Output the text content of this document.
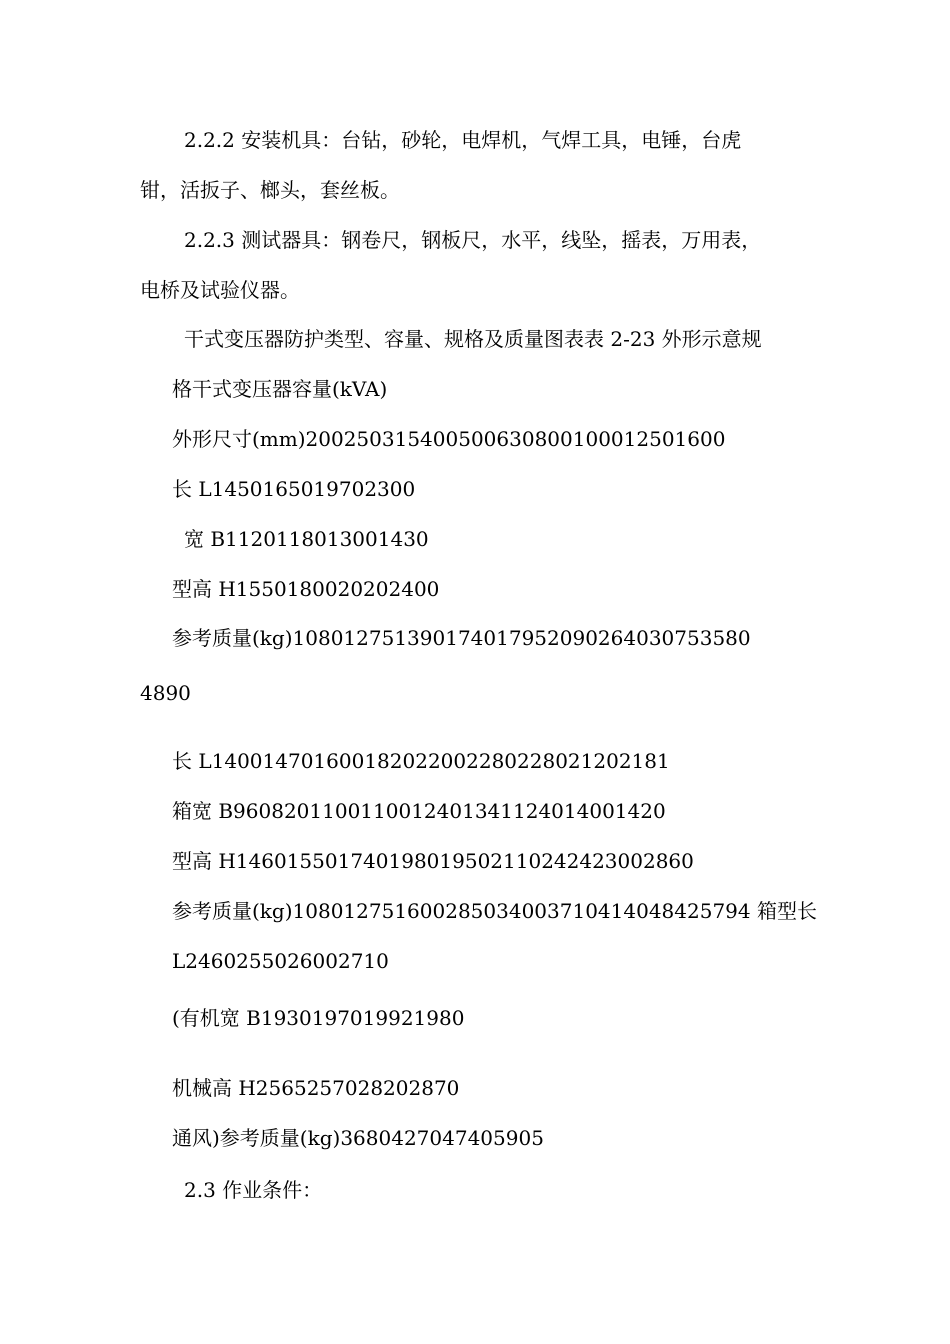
2.2.2 安装机具：台钻，砂轮，电焊机，气焊工具，电锤，台虎

钳，活扳子、榔头，套丝板。

2.2.3 测试器具：钢卷尺，钢板尺，水平，线坠，摇表，万用表，

电桥及试验仪器。

干式变压器防护类型、容量、规格及质量图表表 2-23 外形示意规

格干式变压器容量(kVA)

外形尺寸(mm)200250315400500630800100012501600

长 L1450165019702300

宽 B1120118013001430

型高 H1550180020202400

参考质量(kg)108012751390174017952090264030753580

4890

长 L140014701600182022002280228021202181

箱宽 B9608201100110012401341124014001420

型高 H146015501740198019502110242423002860

参考质量(kg)108012751600285034003710414048425794 箱型长

L2460255026002710

(有机宽 B1930197019921980

机械高 H2565257028202870

通风)参考质量(kg)3680427047405905

2.3 作业条件：
